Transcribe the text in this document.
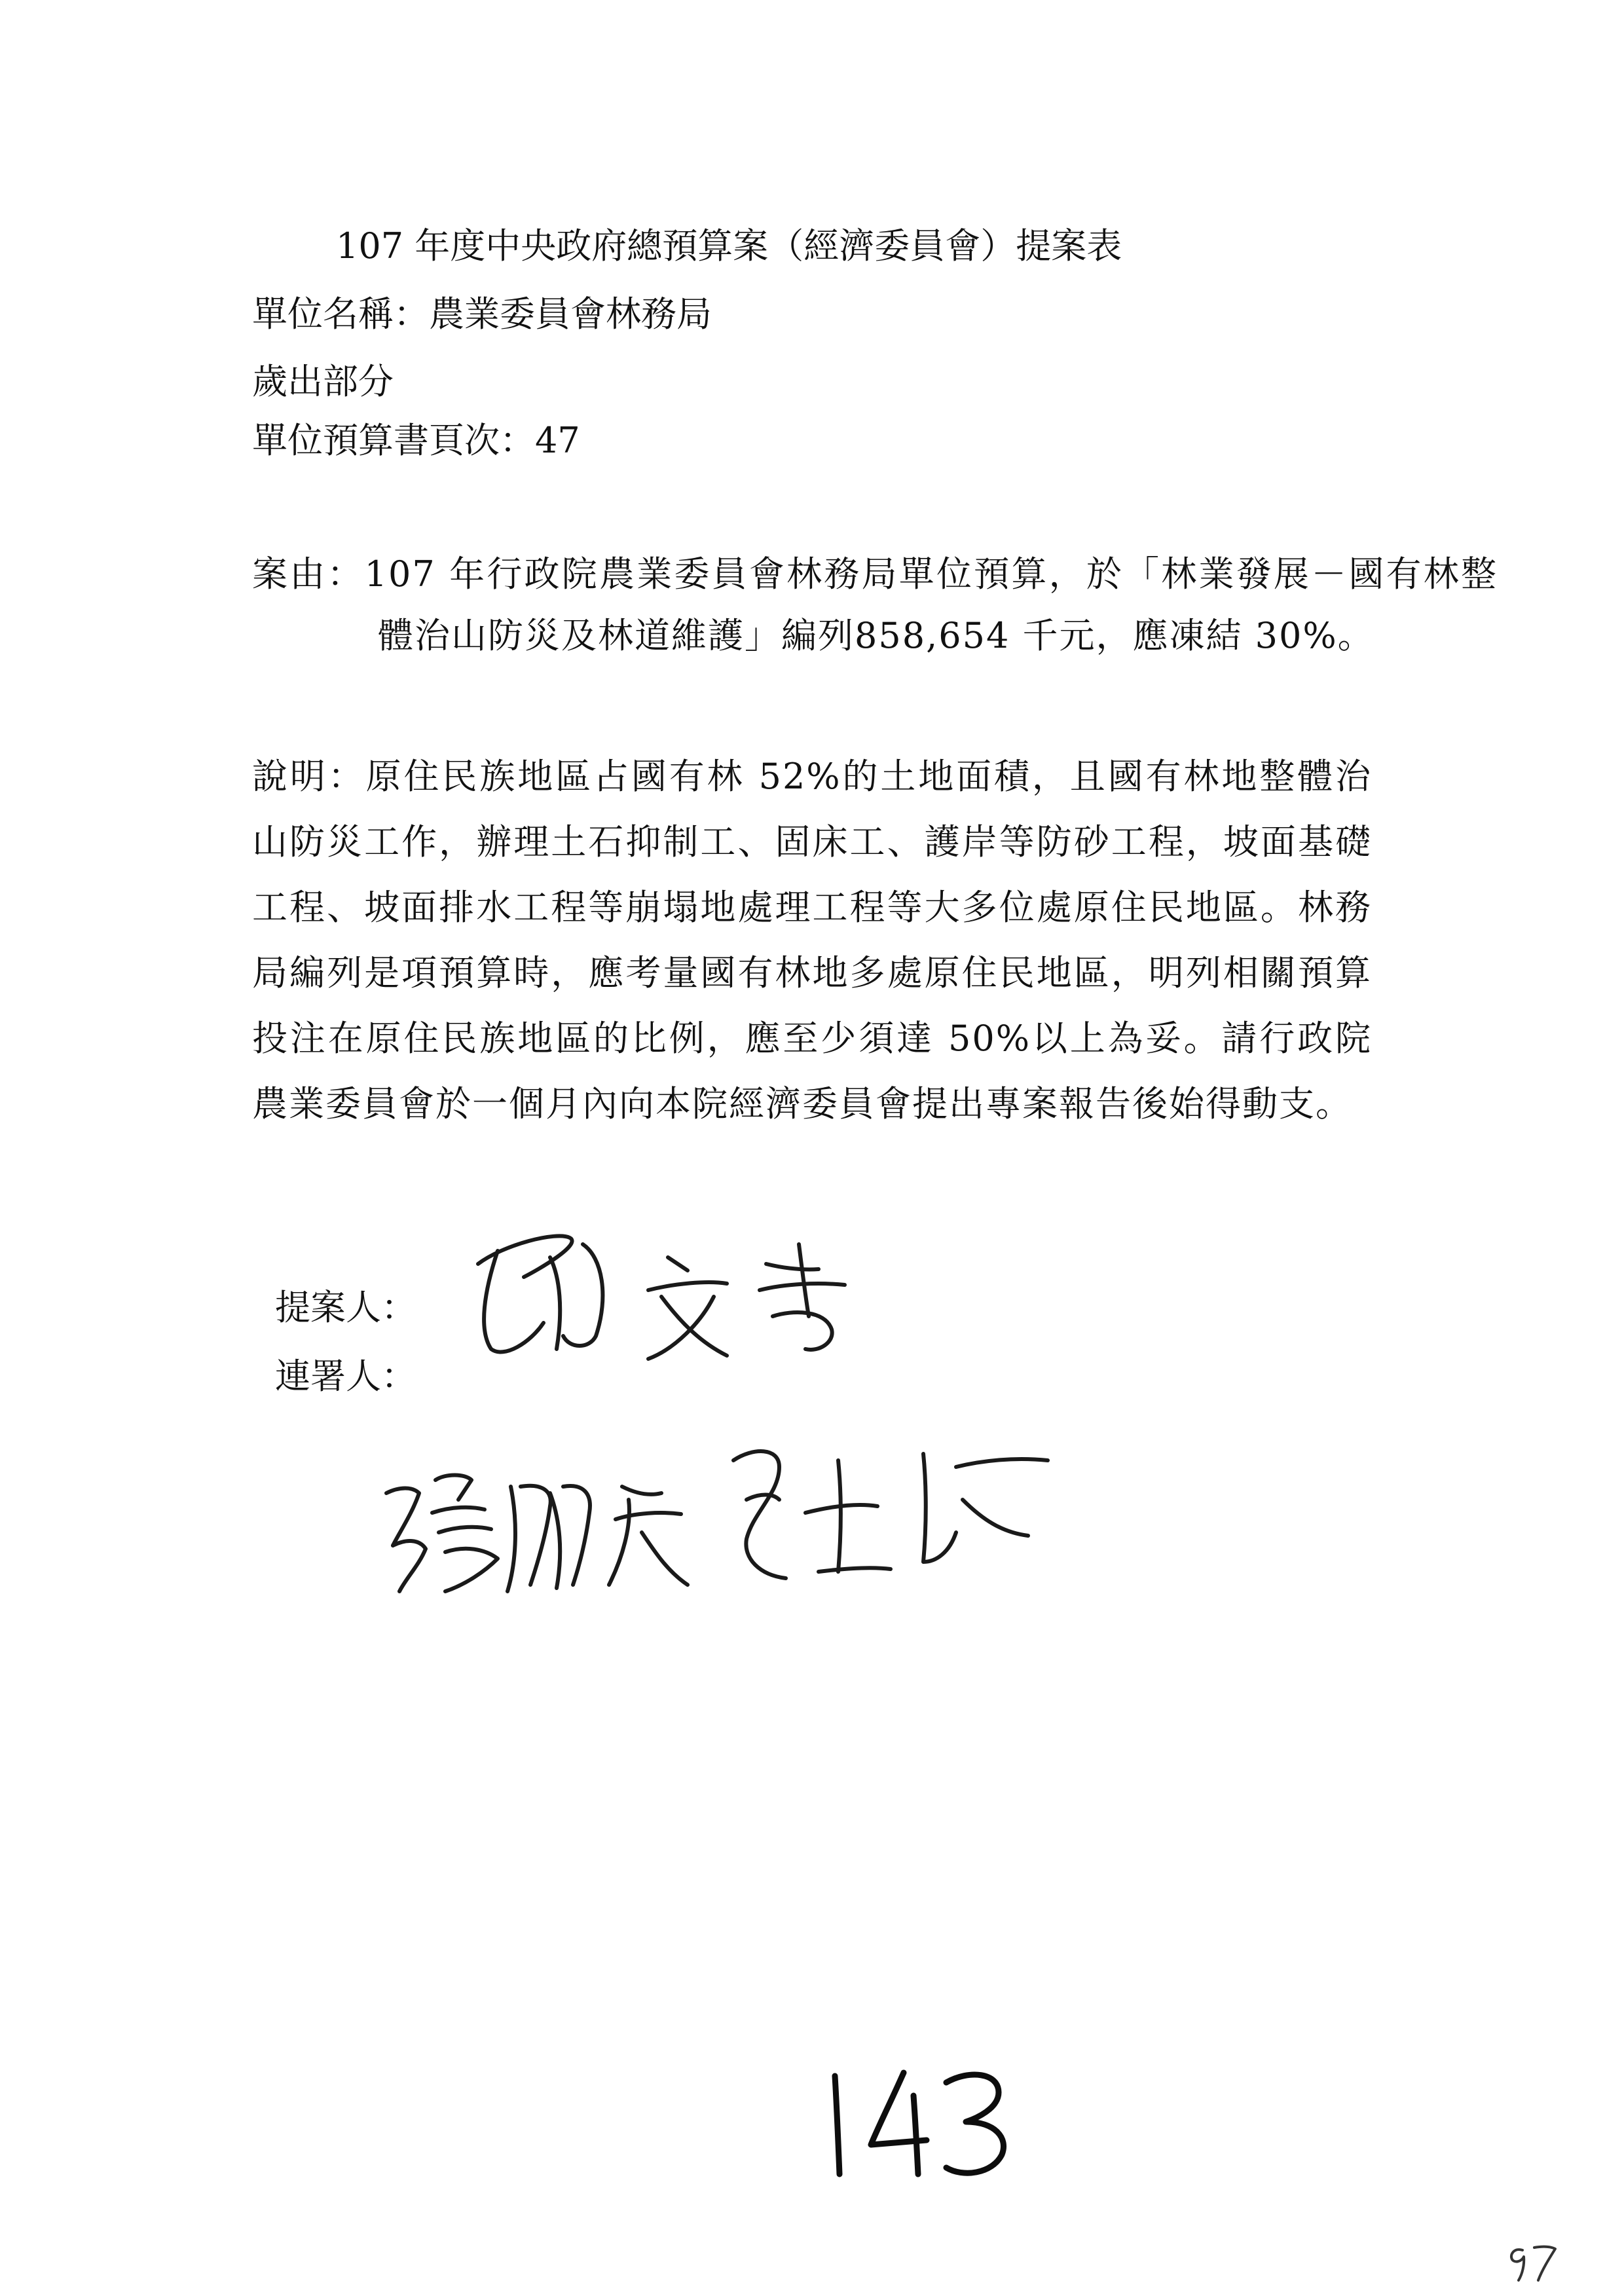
107 年度中央政府總預算案（經濟委員會）提案表
單位名稱：農業委員會林務局
歲出部分
單位預算書頁次：47
案由：107 年行政院農業委員會林務局單位預算，於「林業發展－國有林整體治山防災及林道維護」編列858,654 千元，應凍結 30%。
說明：原住民族地區占國有林 52%的土地面積，且國有林地整體治山防災工作，辦理土石抑制工、固床工、護岸等防砂工程，坡面基礎工程、坡面排水工程等崩塌地處理工程等大多位處原住民地區。林務局編列是項預算時，應考量國有林地多處原住民地區，明列相關預算投注在原住民族地區的比例，應至少須達 50%以上為妥。請行政院農業委員會於一個月內向本院經濟委員會提出專案報告後始得動支。
提案人：
連署人：
